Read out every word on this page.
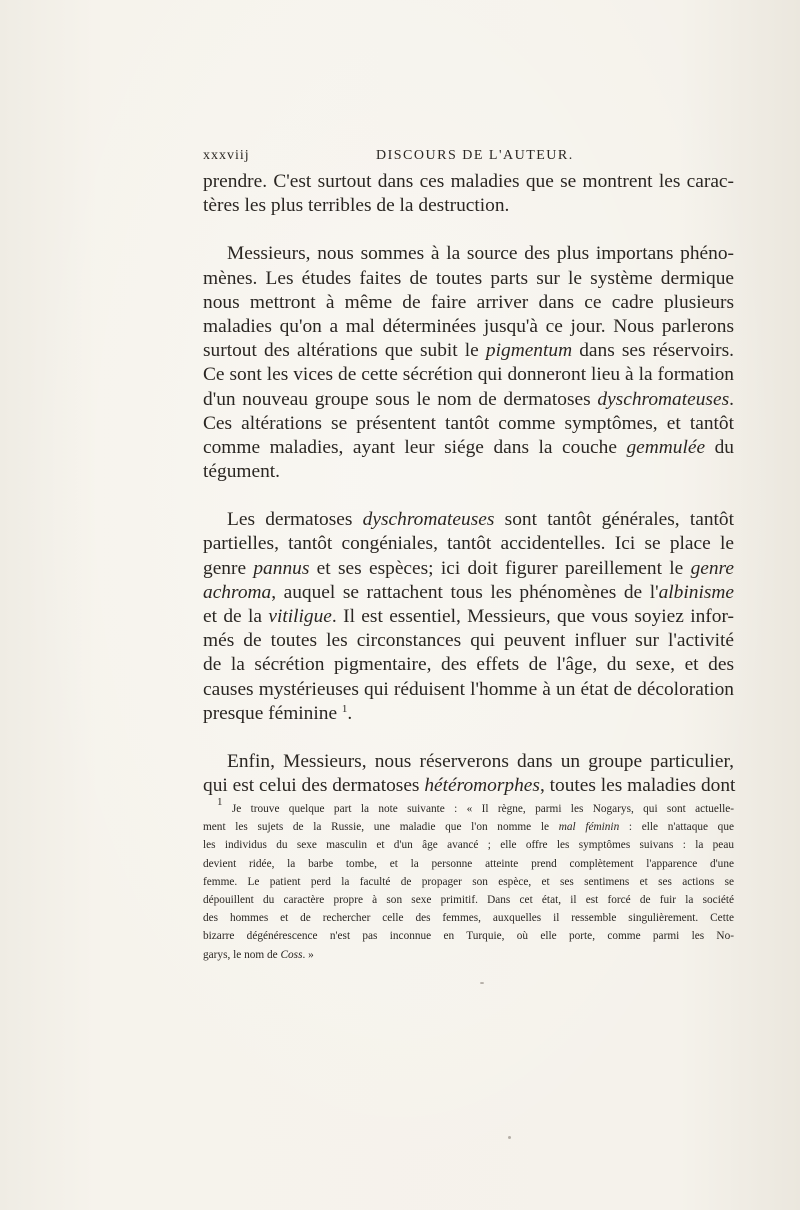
xxxviij	DISCOURS DE L'AUTEUR.
prendre. C'est surtout dans ces maladies que se montrent les carac-
tères les plus terribles de la destruction.
Messieurs, nous sommes à la source des plus importans phéno-
mènes. Les études faites de toutes parts sur le système dermique
nous mettront à même de faire arriver dans ce cadre plusieurs
maladies qu'on a mal déterminées jusqu'à ce jour. Nous parlerons
surtout des altérations que subit le pigmentum dans ses réservoirs.
Ce sont les vices de cette sécrétion qui donneront lieu à la formation
d'un nouveau groupe sous le nom de dermatoses dyschromateuses.
Ces altérations se présentent tantôt comme symptômes, et tantôt
comme maladies, ayant leur siége dans la couche gemmulée du
tégument.
Les dermatoses dyschromateuses sont tantôt générales, tantôt
partielles, tantôt congéniales, tantôt accidentelles. Ici se place le
genre pannus et ses espèces; ici doit figurer pareillement le genre
achroma, auquel se rattachent tous les phénomènes de l'albinisme
et de la vitiligue. Il est essentiel, Messieurs, que vous soyiez infor-
més de toutes les circonstances qui peuvent influer sur l'activité
de la sécrétion pigmentaire, des effets de l'âge, du sexe, et des
causes mystérieuses qui réduisent l'homme à un état de décoloration
presque féminine $^1$.
Enfin, Messieurs, nous réserverons dans un groupe particulier,
qui est celui des dermatoses hétéromorphes, toutes les maladies dont
$^1$ Je trouve quelque part la note suivante : « Il règne, parmi les Nogarys, qui sont actuelle-
ment les sujets de la Russie, une maladie que l'on nomme le mal féminin : elle n'attaque que
les individus du sexe masculin et d'un âge avancé ; elle offre les symptômes suivans : la peau
devient ridée, la barbe tombe, et la personne atteinte prend complètement l'apparence d'une
femme. Le patient perd la faculté de propager son espèce, et ses sentimens et ses actions se
dépouillent du caractère propre à son sexe primitif. Dans cet état, il est forcé de fuir la société
des hommes et de rechercher celle des femmes, auxquelles il ressemble singulièrement. Cette
bizarre dégénérescence n'est pas inconnue en Turquie, où elle porte, comme parmi les No-
garys, le nom de Coss. »
